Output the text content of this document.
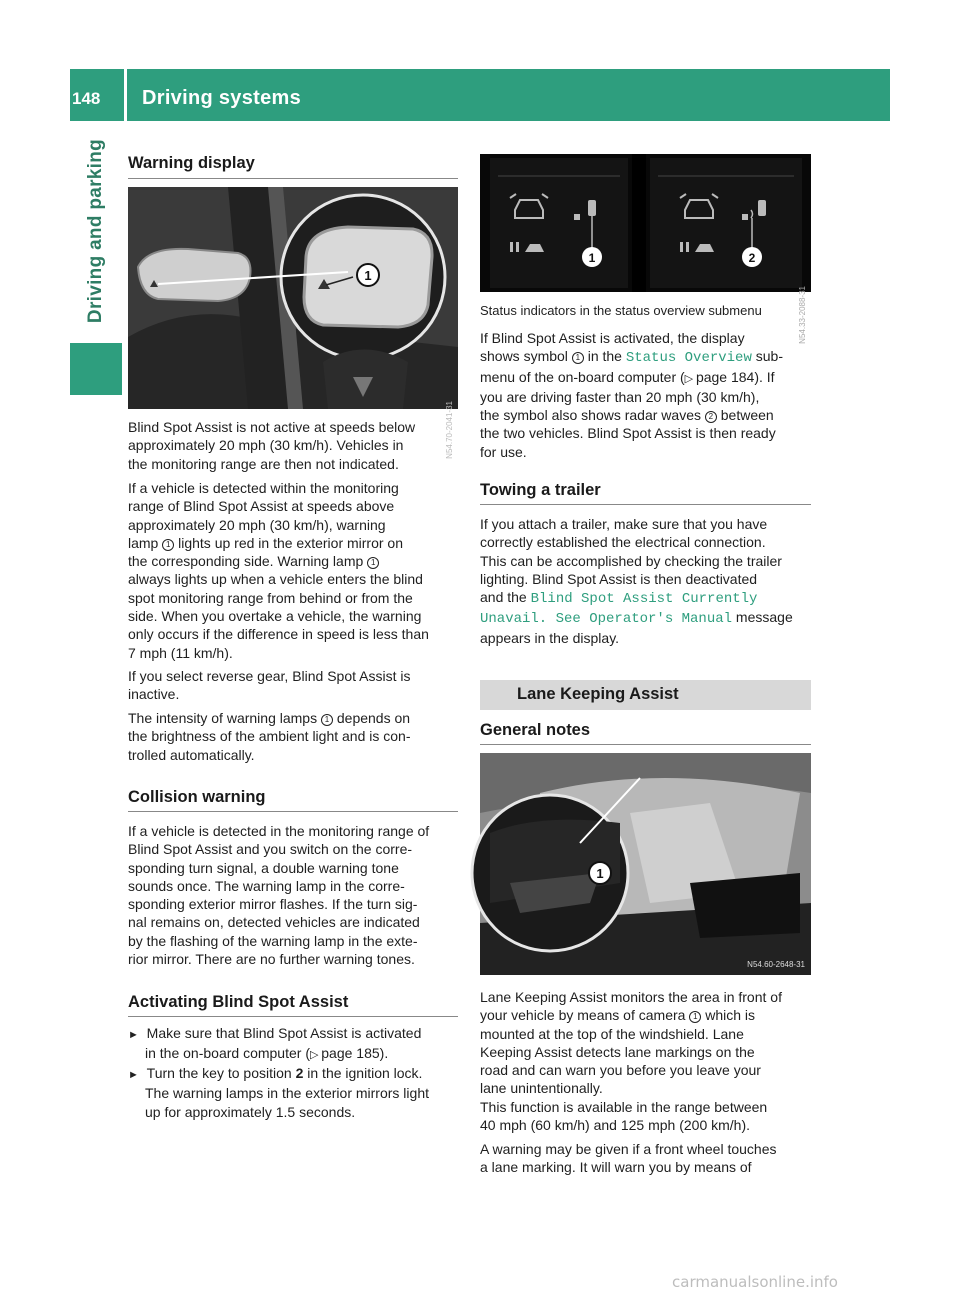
148	Driving systems
Driving and parking Warning display
1
N54.70-2041-31
Blind Spot Assist is not active at speeds below
approximately 20 mph (30 km/h). Vehicles in
the monitoring range are then not indicated.
If a vehicle is detected within the monitoring
range of Blind Spot Assist at speeds above
approximately 20 mph (30 km/h), warning
lamp 1 lights up red in the exterior mirror on
the corresponding side. Warning lamp 1
always lights up when a vehicle enters the blind
spot monitoring range from behind or from the
side. When you overtake a vehicle, the warning
only occurs if the difference in speed is less than
7 mph (11 km/h).
If you select reverse gear, Blind Spot Assist is
inactive.
The intensity of warning lamps 1 depends on
the brightness of the ambient light and is con-
trolled automatically.
Collision warning
If a vehicle is detected in the monitoring range of
Blind Spot Assist and you switch on the corre-
sponding turn signal, a double warning tone
sounds once. The warning lamp in the corre-
sponding exterior mirror flashes. If the turn sig-
nal remains on, detected vehicles are indicated
by the flashing of the warning lamp in the exte-
rior mirror. There are no further warning tones.
Activating Blind Spot Assist
► Make sure that Blind Spot Assist is activated
in the on-board computer (▷  page 185).
► Turn the key to position 2 in the ignition lock.
The warning lamps in the exterior mirrors light
up for approximately 1.5 seconds.
1	2
N54.33-2088-31
Status indicators in the status overview submenu
If Blind Spot Assist is activated, the display
shows symbol 1 in the Status Overview sub-
menu of the on-board computer (▷  page 184). If
you are driving faster than 20 mph (30 km/h),
the symbol also shows radar waves 2 between
the two vehicles. Blind Spot Assist is then ready
for use.
Towing a trailer
If you attach a trailer, make sure that you have
correctly established the electrical connection.
This can be accomplished by checking the trailer
lighting. Blind Spot Assist is then deactivated
and the Blind Spot Assist Currently
Unavail. See Operator's Manual message
appears in the display.
Lane Keeping Assist
General notes
1
N54.60-2648-31
Lane Keeping Assist monitors the area in front of
your vehicle by means of camera 1 which is
mounted at the top of the windshield. Lane
Keeping Assist detects lane markings on the
road and can warn you before you leave your
lane unintentionally.
This function is available in the range between
40 mph (60 km/h) and 125 mph (200 km/h).
A warning may be given if a front wheel touches
a lane marking. It will warn you by means of
carmanualsonline.info
